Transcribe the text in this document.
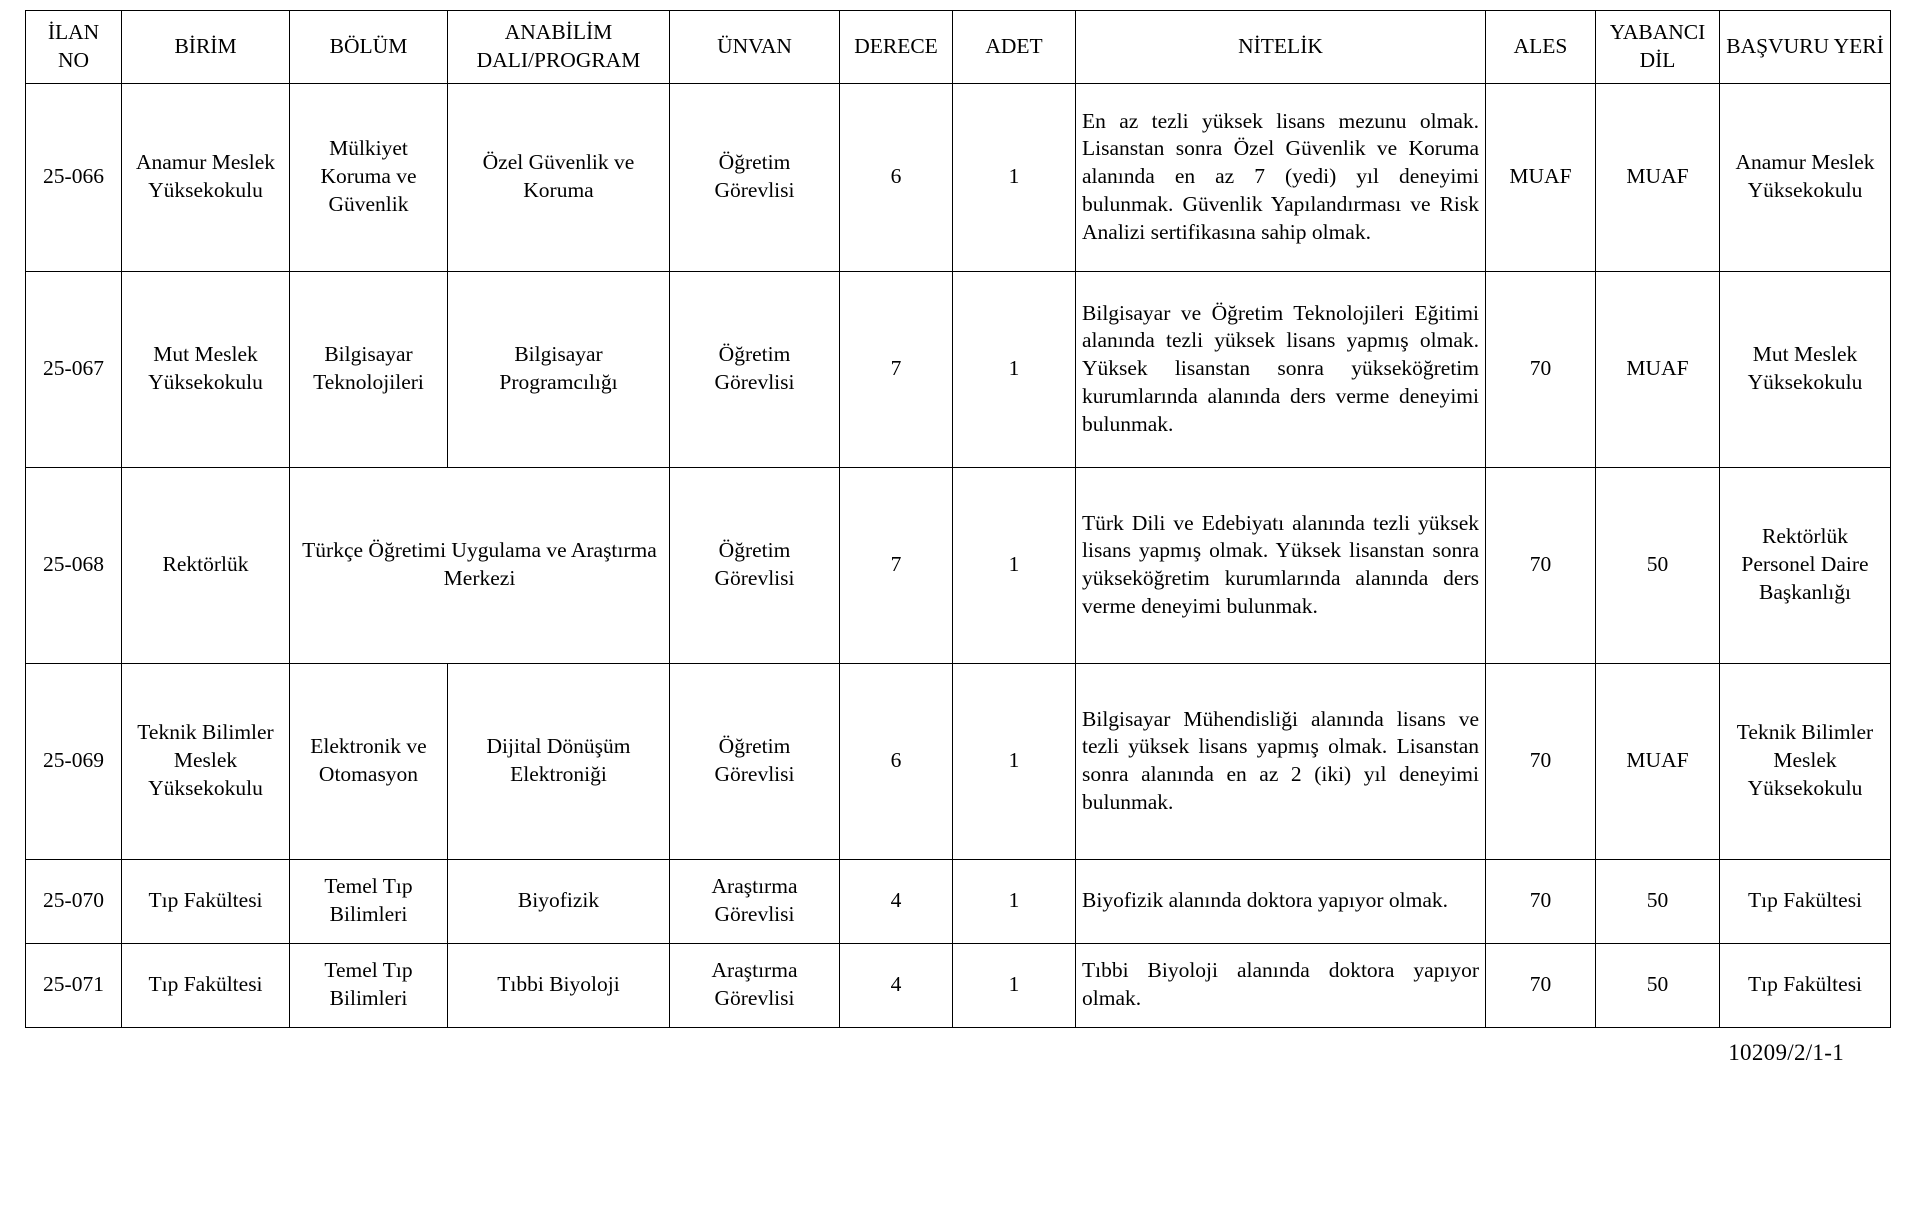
İLAN NO	BİRİM	BÖLÜM	ANABİLİM DALI/PROGRAM	ÜNVAN	DERECE	ADET	NİTELİK	ALES	YABANCI DİL	BAŞVURU YERİ
25-066	Anamur Meslek Yüksekokulu	Mülkiyet Koruma ve Güvenlik	Özel Güvenlik ve Koruma	Öğretim Görevlisi	6	1	En az tezli yüksek lisans mezunu olmak. Lisanstan sonra Özel Güvenlik ve Koruma alanında en az 7 (yedi) yıl deneyimi bulunmak. Güvenlik Yapılandırması ve Risk Analizi sertifikasına sahip olmak.	MUAF	MUAF	Anamur Meslek Yüksekokulu
25-067	Mut Meslek Yüksekokulu	Bilgisayar Teknolojileri	Bilgisayar Programcılığı	Öğretim Görevlisi	7	1	Bilgisayar ve Öğretim Teknolojileri Eğitimi alanında tezli yüksek lisans yapmış olmak. Yüksek lisanstan sonra yükseköğretim kurumlarında alanında ders verme deneyimi bulunmak.	70	MUAF	Mut Meslek Yüksekokulu
25-068	Rektörlük	Türkçe Öğretimi Uygulama ve Araştırma Merkezi		Öğretim Görevlisi	7	1	Türk Dili ve Edebiyatı alanında tezli yüksek lisans yapmış olmak. Yüksek lisanstan sonra yükseköğretim kurumlarında alanında ders verme deneyimi bulunmak.	70	50	Rektörlük Personel Daire Başkanlığı
25-069	Teknik Bilimler Meslek Yüksekokulu	Elektronik ve Otomasyon	Dijital Dönüşüm Elektroniği	Öğretim Görevlisi	6	1	Bilgisayar Mühendisliği alanında lisans ve tezli yüksek lisans yapmış olmak. Lisanstan sonra alanında en az 2 (iki) yıl deneyimi bulunmak.	70	MUAF	Teknik Bilimler Meslek Yüksekokulu
25-070	Tıp Fakültesi	Temel Tıp Bilimleri	Biyofizik	Araştırma Görevlisi	4	1	Biyofizik alanında doktora yapıyor olmak.	70	50	Tıp Fakültesi
25-071	Tıp Fakültesi	Temel Tıp Bilimleri	Tıbbi Biyoloji	Araştırma Görevlisi	4	1	Tıbbi Biyoloji alanında doktora yapıyor olmak.	70	50	Tıp Fakültesi
10209/2/1-1
